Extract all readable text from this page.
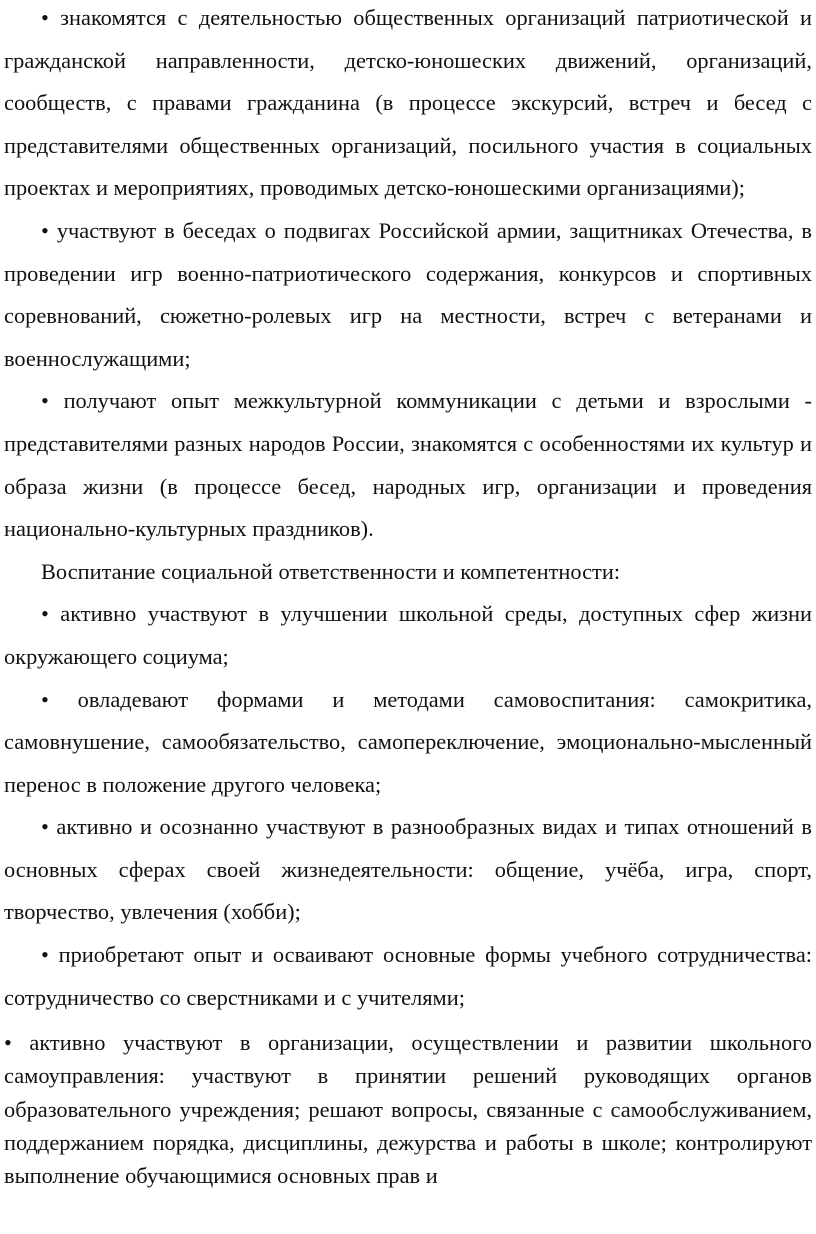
• знакомятся с деятельностью общественных организаций патриотической и гражданской направленности, детско-юношеских движений, организаций, сообществ, с правами гражданина (в процессе экскурсий, встреч и бесед с представителями общественных организаций, посильного участия в социальных проектах и мероприятиях, проводимых детско-юношескими организациями);

• участвуют в беседах о подвигах Российской армии, защитниках Отечества, в проведении игр военно-патриотического содержания, конкурсов и спортивных соревнований, сюжетно-ролевых игр на местности, встреч с ветеранами и военнослужащими;

• получают опыт межкультурной коммуникации с детьми и взрослыми - представителями разных народов России, знакомятся с особенностями их культур и образа жизни (в процессе бесед, народных игр, организации и проведения национально-культурных праздников).

Воспитание социальной ответственности и компетентности:

• активно участвуют в улучшении школьной среды, доступных сфер жизни окружающего социума;

• овладевают формами и методами самовоспитания: самокритика, самовнушение, самообязательство, самопереключение, эмоционально-мысленный перенос в положение другого человека;

• активно и осознанно участвуют в разнообразных видах и типах отношений в основных сферах своей жизнедеятельности: общение, учёба, игра, спорт, творчество, увлечения (хобби);

• приобретают опыт и осваивают основные формы учебного сотрудничества: сотрудничество со сверстниками и с учителями;

• активно участвуют в организации, осуществлении и развитии школьного самоуправления: участвуют в принятии решений руководящих органов образовательного учреждения; решают вопросы, связанные с самообслуживанием, поддержанием порядка, дисциплины, дежурства и работы в школе; контролируют выполнение обучающимися основных прав и
